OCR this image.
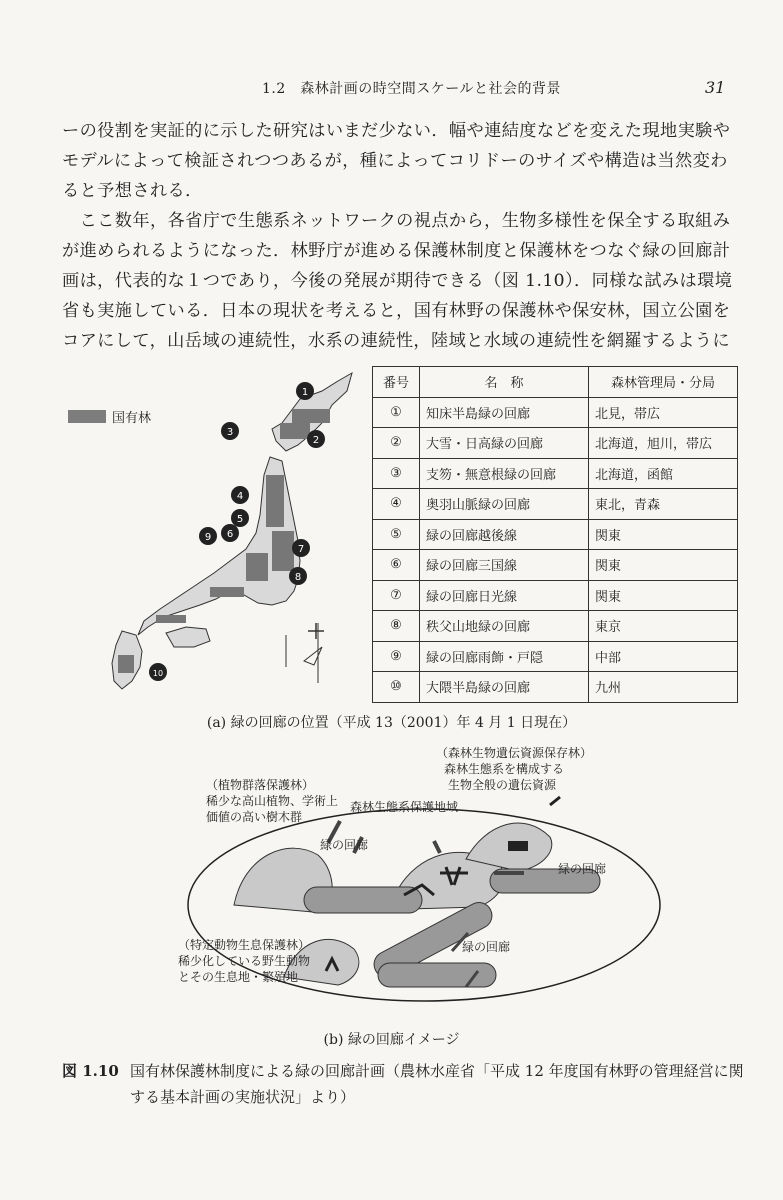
1.2　森林計画の時空間スケールと社会的背景	31
ーの役割を実証的に示した研究はいまだ少ない．幅や連結度などを変えた現地実験や
モデルによって検証されつつあるが，種によってコリドーのサイズや構造は当然変わ
ると予想される．
　ここ数年，各省庁で生態系ネットワークの視点から，生物多様性を保全する取組み
が進められるようになった．林野庁が進める保護林制度と保護林をつなぐ緑の回廊計
画は，代表的な１つであり，今後の発展が期待できる（図 1.10）．同様な試みは環境
省も実施している．日本の現状を考えると，国有林野の保護林や保安林，国立公園を
コアにして，山岳域の連続性，水系の連続性，陸域と水域の連続性を網羅するように
国有林
1
2
3
4
5
6
7
9
8
10
番号	名　称	森林管理局・分局
①	知床半島緑の回廊	北見，帯広
②	大雪・日高緑の回廊	北海道，旭川，帯広
③	支笏・無意根緑の回廊	北海道，函館
④	奥羽山脈緑の回廊	東北，青森
⑤	緑の回廊越後線	関東
⑥	緑の回廊三国線	関東
⑦	緑の回廊日光線	関東
⑧	秩父山地緑の回廊	東京
⑨	緑の回廊雨飾・戸隠	中部
⑩	大隈半島緑の回廊	九州
(a) 緑の回廊の位置（平成 13（2001）年 4 月 1 日現在）
（植物群落保護林）
稀少な高山植物、学術上
価値の高い樹木群
（森林生物遺伝資源保存林）
森林生態系を構成する
生物全般の遺伝資源
森林生態系保護地域
緑の回廊
緑の回廊
緑の回廊
（特定動物生息保護林）
稀少化している野生動物
とその生息地・繁殖地
(b) 緑の回廊イメージ
図 1.10 国有林保護林制度による緑の回廊計画（農林水産省「平成 12 年度国有林野の管理経営に関する基本計画の実施状況」より）
